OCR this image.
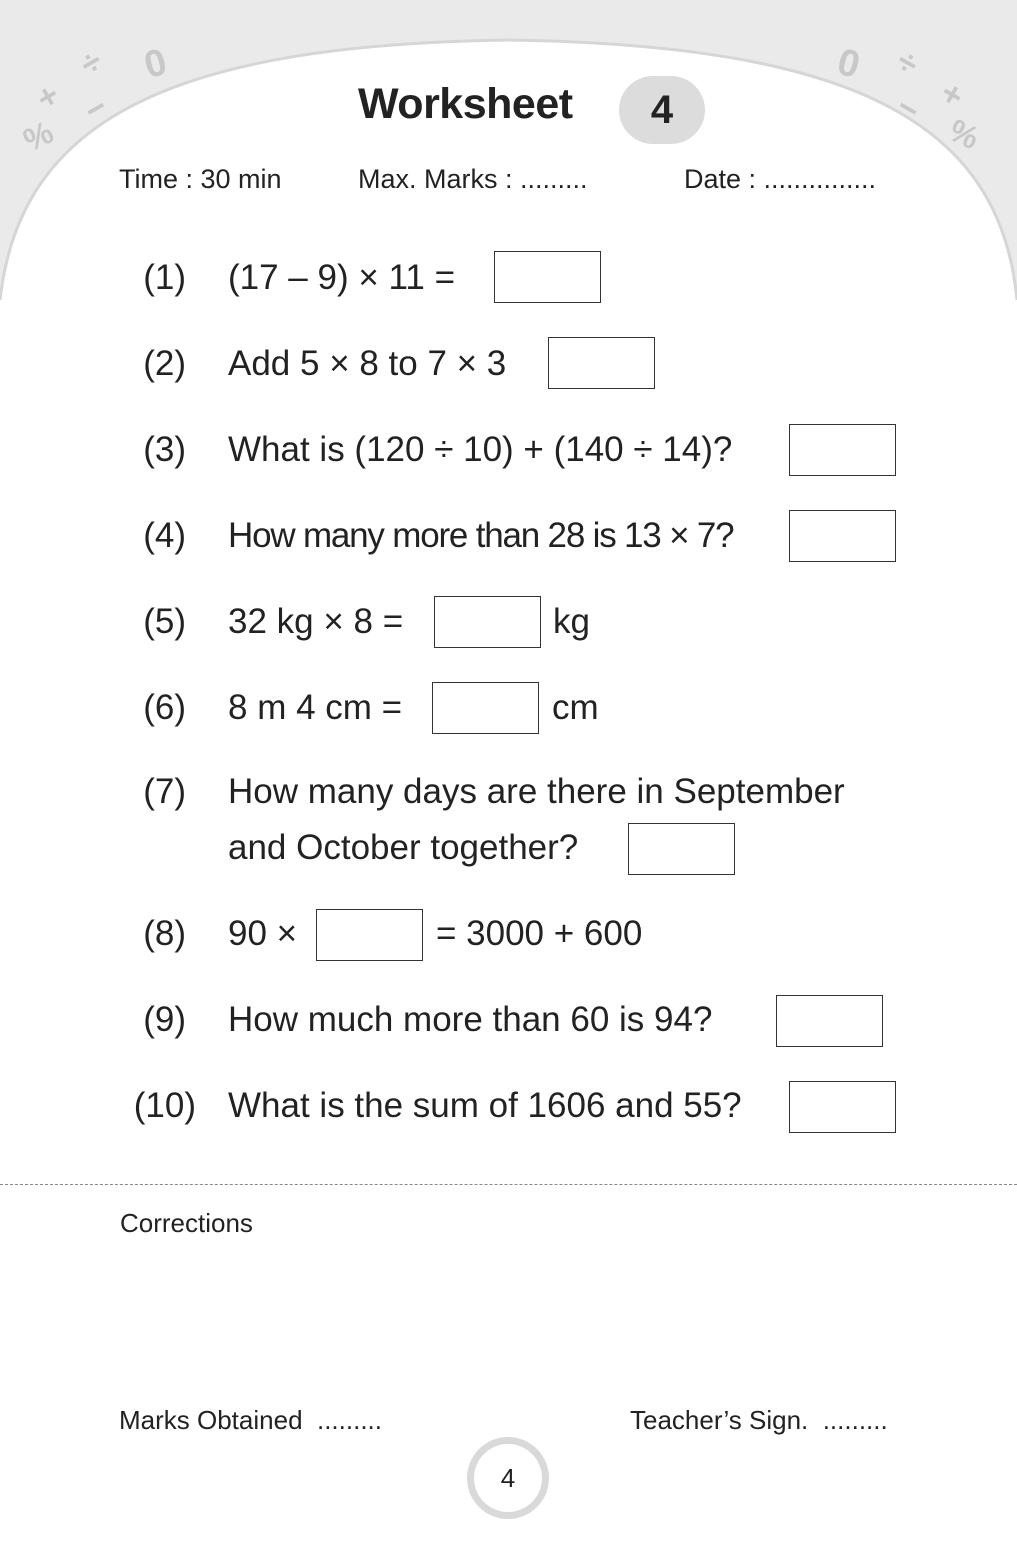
+
÷ 0
%
−
0 ÷
+
%
−
Worksheet	4
Time : 30 min	Max. Marks : .........	Date : ...............
(1) (17 – 9) × 11 =
(2) Add 5 × 8 to 7 × 3
(3) What is (120 ÷ 10) + (140 ÷ 14)?
(4) How many more than 28 is 13 × 7?
(5) 32 kg × 8 =	kg
(6) 8 m 4 cm =	cm
(7) How many days are there in September
and October together?
(8) 90 ×	= 3000 + 600
(9) How much more than 60 is 94?
(10) What is the sum of 1606 and 55?
Corrections
Marks Obtained  .........	Teacher’s Sign.  .........
4
